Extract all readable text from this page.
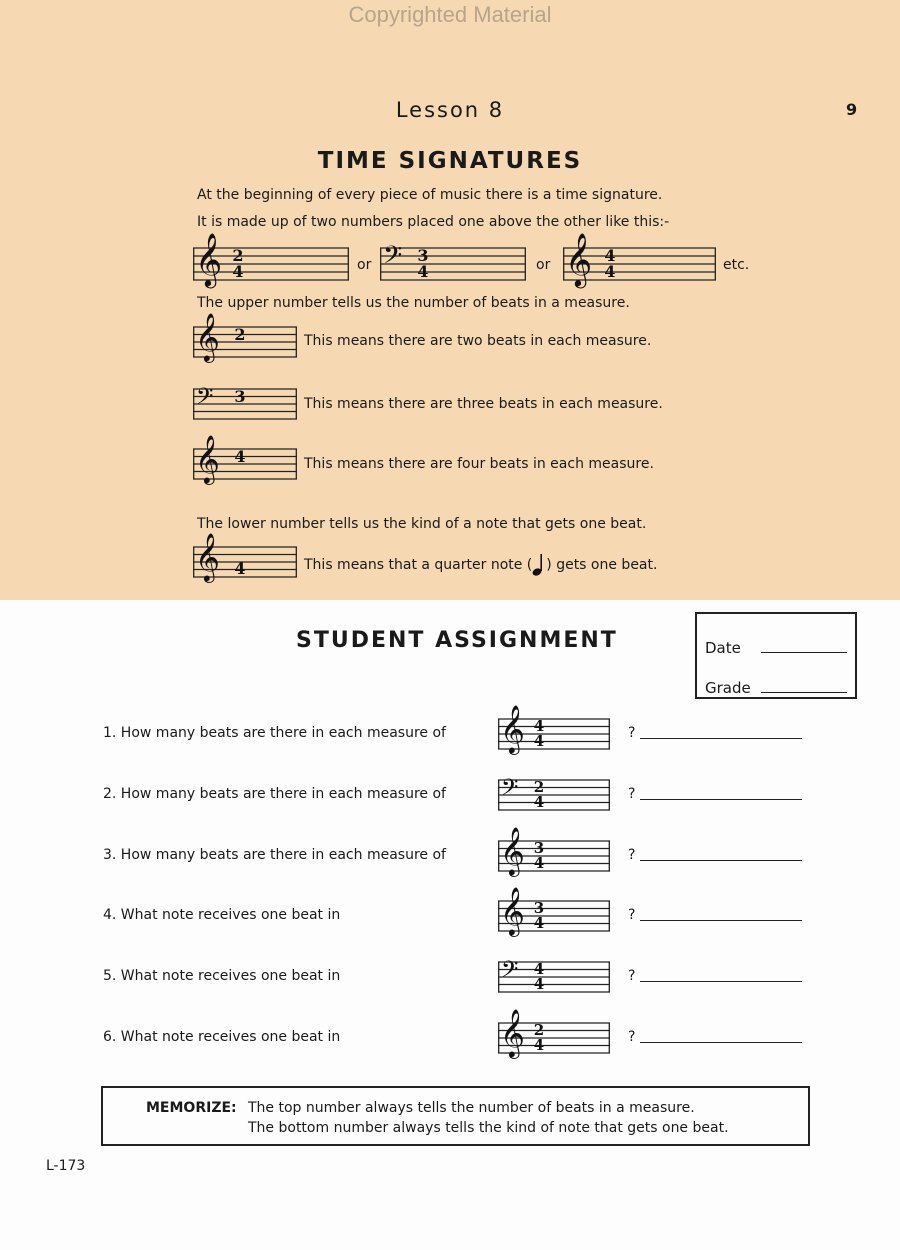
Copyrighted Material
Lesson 8	9
TIME SIGNATURES
At the beginning of every piece of music there is a time signature.
It is made up of two numbers placed one above the other like this:-
𝄞 2
4	or 𝄢 3
4	or 𝄞 4
4	etc.
The upper number tells us the number of beats in a measure.
𝄞 2	This means there are two beats in each measure.
𝄢 3	This means there are three beats in each measure.
𝄞 4	This means there are four beats in each measure.
The lower number tells us the kind of a note that gets one beat.
𝄞 4	This means that a quarter note ( ) gets one beat.
STUDENT ASSIGNMENT	Date
Grade
1. How many beats are there in each measure of 𝄞 4
4	?
2. How many beats are there in each measure of 𝄢 2
4	?
3. How many beats are there in each measure of 𝄞 3
4	?
4. What note receives one beat in	𝄞 3
4	?
5. What note receives one beat in	𝄢 4
4	?
6. What note receives one beat in	𝄞 2
4	?
MEMORIZE: The top number always tells the number of beats in a measure.
The bottom number always tells the kind of note that gets one beat.
L-173
